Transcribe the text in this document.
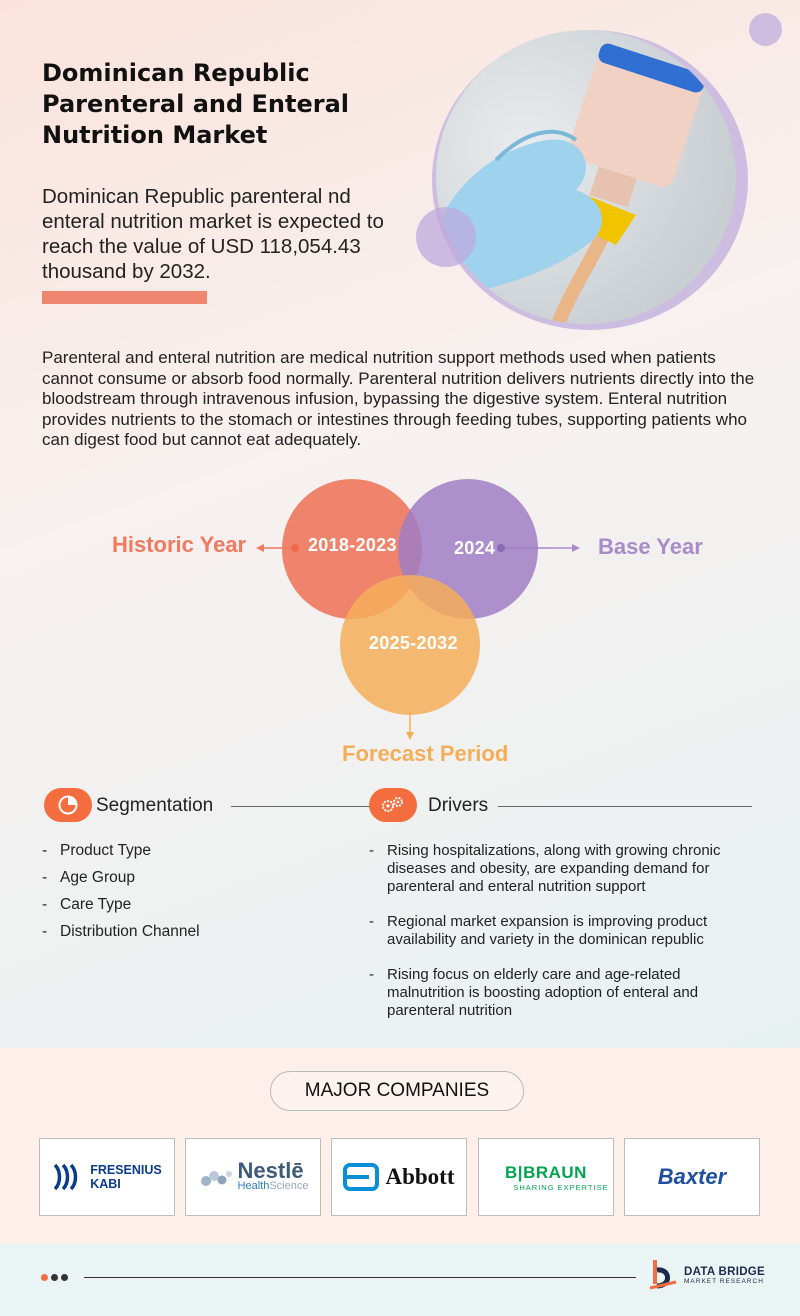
Dominican Republic Parenteral and Enteral Nutrition Market

Dominican Republic parenteral nd enteral nutrition market is expected to reach the value of USD 118,054.43 thousand by 2032.

Parenteral and enteral nutrition are medical nutrition support methods used when patients cannot consume or absorb food normally. Parenteral nutrition delivers nutrients directly into the bloodstream through intravenous infusion, bypassing the digestive system. Enteral nutrition provides nutrients to the stomach or intestines through feeding tubes, supporting patients who can digest food but cannot eat adequately.

2018-2023	2024
2025-2032
Historic Year	Base Year
Forecast Period
Segmentation
- Product Type
- Age Group
- Care Type
- Distribution Channel
Drivers
- Rising hospitalizations, along with growing chronic diseases and obesity, are expanding demand for parenteral and enteral nutrition support
- Regional market expansion is improving product availability and variety in the dominican republic
- Rising focus on elderly care and age-related malnutrition is boosting adoption of enteral and parenteral nutrition
MAJOR COMPANIES
FRESENIUS
KABI
Nestlē
HealthScience	Abbott	B|BRAUN
SHARING EXPERTISE Baxter
DATA BRIDGE
MARKET RESEARCH
